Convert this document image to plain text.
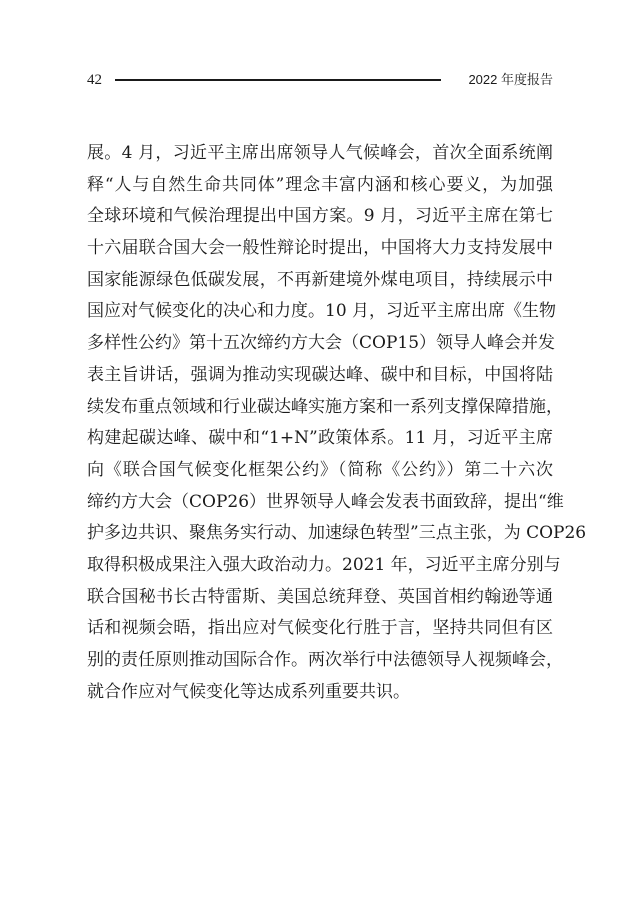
42	2022 年度报告
展。4 月，习近平主席出席领导人气候峰会，首次全面系统阐
释“人与自然生命共同体”理念丰富内涵和核心要义，为加强
全球环境和气候治理提出中国方案。9 月，习近平主席在第七
十六届联合国大会一般性辩论时提出，中国将大力支持发展中
国家能源绿色低碳发展，不再新建境外煤电项目，持续展示中
国应对气候变化的决心和力度。10 月，习近平主席出席《生物
多样性公约》第十五次缔约方大会（COP15）领导人峰会并发
表主旨讲话，强调为推动实现碳达峰、碳中和目标，中国将陆
续发布重点领域和行业碳达峰实施方案和一系列支撑保障措施，
构建起碳达峰、碳中和“1+N”政策体系。11 月，习近平主席
向《联合国气候变化框架公约》（简称《公约》）第二十六次
缔约方大会（COP26）世界领导人峰会发表书面致辞，提出“维
护多边共识、聚焦务实行动、加速绿色转型”三点主张，为 COP26
取得积极成果注入强大政治动力。2021 年，习近平主席分别与
联合国秘书长古特雷斯、美国总统拜登、英国首相约翰逊等通
话和视频会晤，指出应对气候变化行胜于言，坚持共同但有区
别的责任原则推动国际合作。两次举行中法德领导人视频峰会，
就合作应对气候变化等达成系列重要共识。
